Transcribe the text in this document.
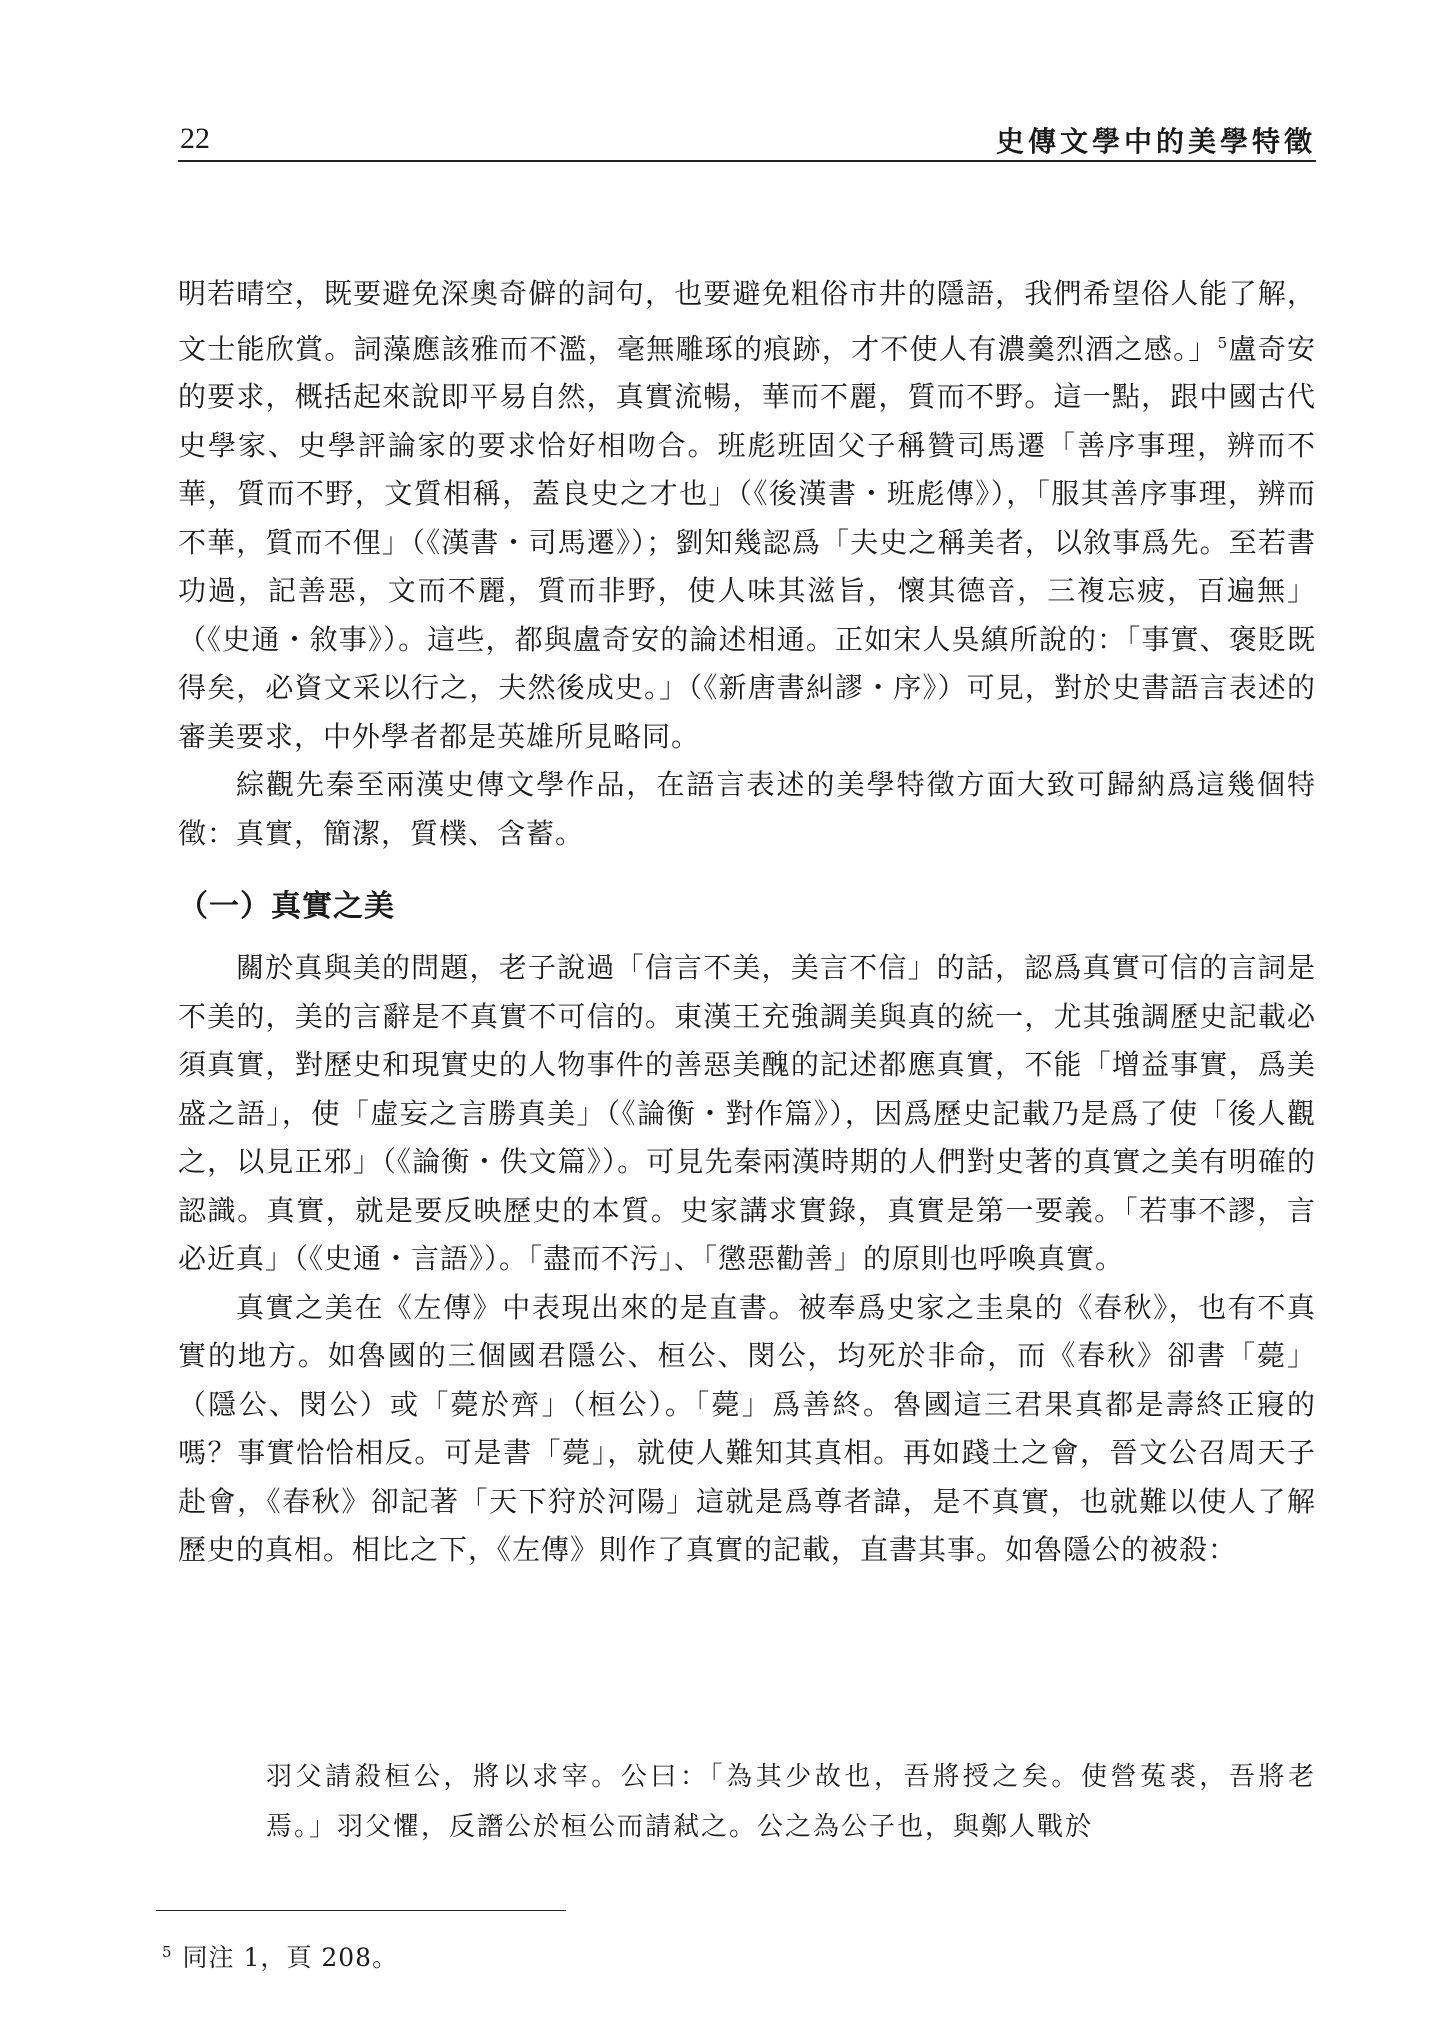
22	史傳文學中的美學特徵

明若晴空，既要避免深奧奇僻的詞句，也要避免粗俗市井的隱語，我們希望俗人能了解，文士能欣賞。詞藻應該雅而不濫，毫無雕琢的痕跡，才不使人有濃羹烈酒之感。」$^5$盧奇安的要求，概括起來說即平易自然，真實流暢，華而不麗，質而不野。這一點，跟中國古代史學家、史學評論家的要求恰好相吻合。班彪班固父子稱贊司馬遷「善序事理，辨而不華，質而不野，文質相稱，蓋良史之才也」（《後漢書・班彪傳》），「服其善序事理，辨而不華，質而不俚」（《漢書・司馬遷》）；劉知幾認爲「夫史之稱美者，以敘事爲先。至若書功過，記善惡，文而不麗，質而非野，使人味其滋旨，懷其德音，三複忘疲，百遍無」（《史通・敘事》）。這些，都與盧奇安的論述相通。正如宋人吳縝所說的：「事實、褒貶既得矣，必資文采以行之，夫然後成史。」（《新唐書糾謬・序》）可見，對於史書語言表述的審美要求，中外學者都是英雄所見略同。

綜觀先秦至兩漢史傳文學作品，在語言表述的美學特徵方面大致可歸納爲這幾個特徵：真實，簡潔，質樸、含蓄。

（一）真實之美

關於真與美的問題，老子說過「信言不美，美言不信」的話，認爲真實可信的言詞是不美的，美的言辭是不真實不可信的。東漢王充強調美與真的統一，尤其強調歷史記載必須真實，對歷史和現實史的人物事件的善惡美醜的記述都應真實，不能「增益事實，爲美盛之語」，使「虛妄之言勝真美」（《論衡・對作篇》），因爲歷史記載乃是爲了使「後人觀之，以見正邪」（《論衡・佚文篇》）。可見先秦兩漢時期的人們對史著的真實之美有明確的認識。真實，就是要反映歷史的本質。史家講求實錄，真實是第一要義。「若事不謬，言必近真」（《史通・言語》）。「盡而不污」、「懲惡勸善」的原則也呼喚真實。

真實之美在《左傳》中表現出來的是直書。被奉爲史家之圭臬的《春秋》，也有不真實的地方。如魯國的三個國君隱公、桓公、閔公，均死於非命，而《春秋》卻書「薨」（隱公、閔公）或「薨於齊」（桓公）。「薨」爲善終。魯國這三君果真都是壽終正寢的嗎？事實恰恰相反。可是書「薨」，就使人難知其真相。再如踐土之會，晉文公召周天子赴會，《春秋》卻記著「天下狩於河陽」這就是爲尊者諱，是不真實，也就難以使人了解歷史的真相。相比之下，《左傳》則作了真實的記載，直書其事。如魯隱公的被殺：

羽父請殺桓公，將以求宰。公曰：「為其少故也，吾將授之矣。使營菟裘，吾將老焉。」羽父懼，反譖公於桓公而請弒之。公之為公子也，與鄭人戰於

$^5$ 同注 1，頁 208。
